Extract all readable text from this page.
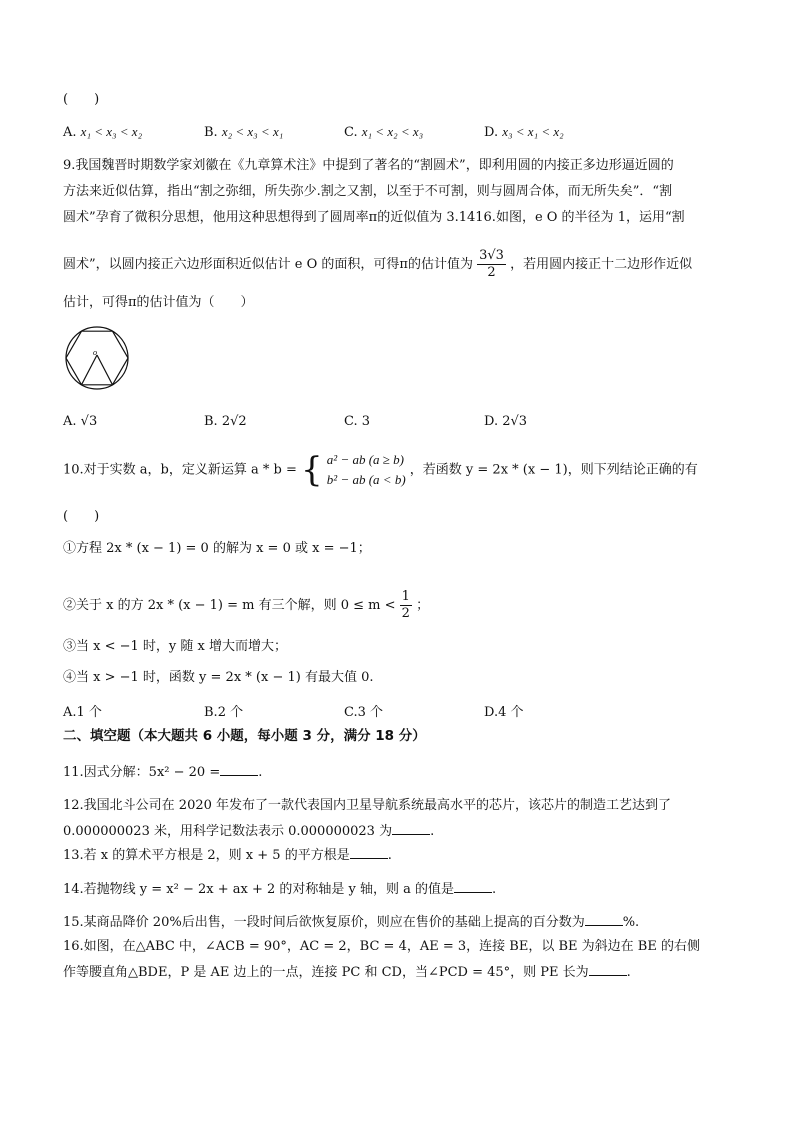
(　　)
A. x₁ < x₃ < x₂	B. x₂ < x₃ < x₁	C. x₁ < x₂ < x₃	D. x₃ < x₁ < x₂
9.我国魏晋时期数学家刘徽在《九章算术注》中提到了著名的“割圆术”，即利用圆的内接正多边形逼近圆的
方法来近似估算，指出“割之弥细，所失弥少.割之又割，以至于不可割，则与圆周合体，而无所失矣”．“割
圆术”孕育了微积分思想，他用这种思想得到了圆周率π的近似值为 3.1416.如图，e O 的半径为 1，运用“割
圆术”，以圆内接正六边形面积近似估计 e O 的面积，可得π的估计值为 $\frac{3√3}{2}$ ，若用圆内接正十二边形作近似
估计，可得π的估计值为（　　）
o
A. √3	B. 2√2	C. 3	D. 2√3
10.对于实数 a，b，定义新运算 a * b = { a² − ab (a ≥ b)
b² − ab (a < b)
，若函数 y = 2x * (x − 1)，则下列结论正确的有
(　　)
①方程 2x * (x − 1) = 0 的解为 x = 0 或 x = −1；
②关于 x 的方 2x * (x − 1) = m 有三个解，则 $0 \le m < \frac{1}{2}$ ；
③当 x < −1 时，y 随 x 增大而增大；
④当 x > −1 时，函数 y = 2x * (x − 1) 有最大值 0.
A.1 个	B.2 个	C.3 个	D.4 个
二、填空题（本大题共 6 小题，每小题 3 分，满分 18 分）
11.因式分解：5x² − 20 =	.
12.我国北斗公司在 2020 年发布了一款代表国内卫星导航系统最高水平的芯片，该芯片的制造工艺达到了
0.000000023 米，用科学记数法表示 0.000000023 为	.
13.若 x 的算术平方根是 2，则 x + 5 的平方根是	.
14.若抛物线 y = x² − 2x + ax + 2 的对称轴是 y 轴，则 a 的值是	.
15.某商品降价 20%后出售，一段时间后欲恢复原价，则应在售价的基础上提高的百分数为	%.
16.如图，在△ABC 中，∠ACB = 90°，AC = 2，BC = 4，AE = 3，连接 BE，以 BE 为斜边在 BE 的右侧
作等腰直角△BDE，P 是 AE 边上的一点，连接 PC 和 CD，当∠PCD = 45°，则 PE 长为	.
